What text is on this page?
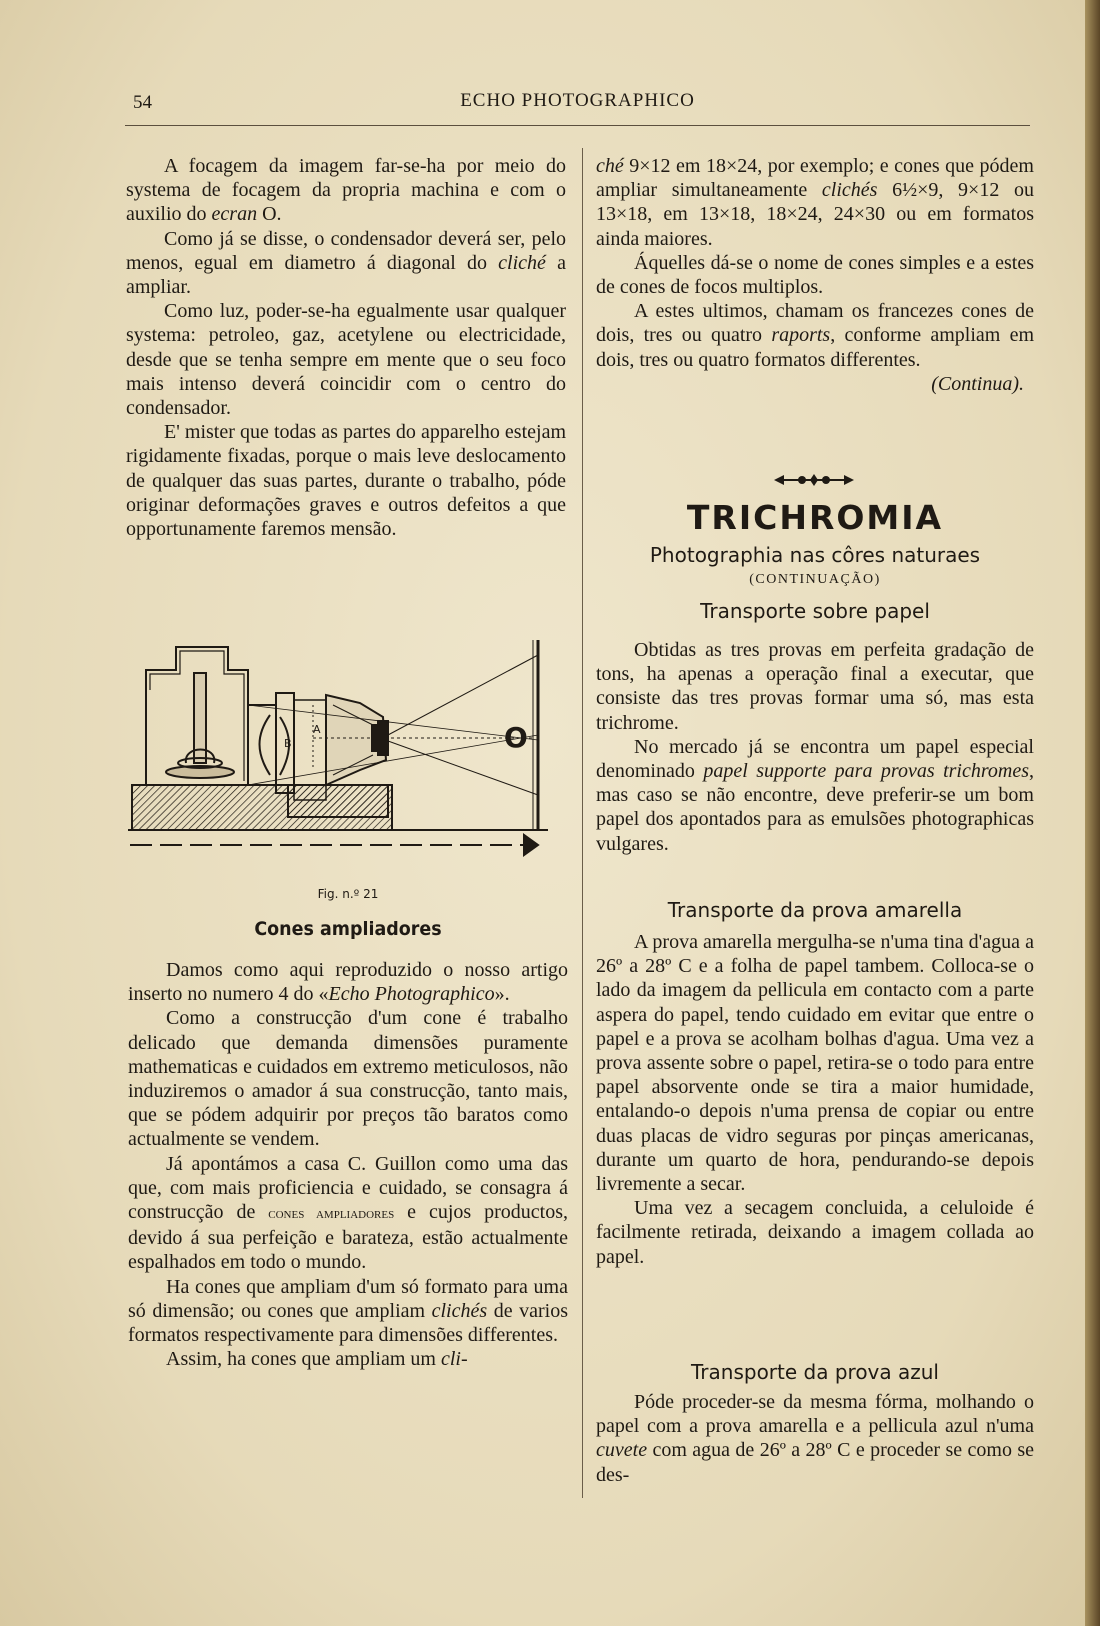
54	ECHO PHOTOGRAPHICO

A focagem da imagem far-se-ha por meio do systema de focagem da propria machina e com o auxilio do ecran O.

Como já se disse, o condensador deverá ser, pelo menos, egual em diametro á diagonal do cliché a ampliar.

Como luz, poder-se-ha egualmente usar qualquer systema: petroleo, gaz, acetylene ou electricidade, desde que se tenha sempre em mente que o seu foco mais intenso deverá coincidir com o centro do condensador.

E' mister que todas as partes do apparelho estejam rigidamente fixadas, porque o mais leve deslocamento de qualquer das suas partes, durante o trabalho, póde originar deformações graves e outros defeitos a que opportunamente faremos mensão.

A
B	O
Fig. n.º 21
Cones ampliadores

Damos como aqui reproduzido o nosso artigo inserto no numero 4 do «Echo Photographico».

Como a construcção d'um cone é trabalho delicado que demanda dimensões puramente mathematicas e cuidados em extremo meticulosos, não induziremos o amador á sua construcção, tanto mais, que se pódem adquirir por preços tão baratos como actualmente se vendem.

Já apontámos a casa C. Guillon como uma das que, com mais proficiencia e cuidado, se consagra á construcção de cones ampliadores e cujos productos, devido á sua perfeição e barateza, estão actualmente espalhados em todo o mundo.

Ha cones que ampliam d'um só formato para uma só dimensão; ou cones que ampliam clichés de varios formatos respectivamente para dimensões differentes.

Assim, ha cones que ampliam um cli-

ché 9×12 em 18×24, por exemplo; e cones que pódem ampliar simultaneamente clichés 6½×9, 9×12 ou 13×18, em 13×18, 18×24, 24×30 ou em formatos ainda maiores.

Áquelles dá-se o nome de cones simples e a estes de cones de focos multiplos.

A estes ultimos, chamam os francezes cones de dois, tres ou quatro raports, conforme ampliam em dois, tres ou quatro formatos differentes.

(Continua).
TRICHROMIA
Photographia nas côres naturaes
(CONTINUAÇÃO)
Transporte sobre papel

Obtidas as tres provas em perfeita gradação de tons, ha apenas a operação final a executar, que consiste das tres provas formar uma só, mas esta trichrome.

No mercado já se encontra um papel especial denominado papel supporte para provas trichromes, mas caso se não encontre, deve preferir-se um bom papel dos apontados para as emulsões photographicas vulgares.

Transporte da prova amarella

A prova amarella mergulha-se n'uma tina d'agua a 26º a 28º C e a folha de papel tambem. Colloca-se o lado da imagem da pellicula em contacto com a parte aspera do papel, tendo cuidado em evitar que entre o papel e a prova se acolham bolhas d'agua. Uma vez a prova assente sobre o papel, retira-se o todo para entre papel absorvente onde se tira a maior humidade, entalando-o depois n'uma prensa de copiar ou entre duas placas de vidro seguras por pinças americanas, durante um quarto de hora, pendurando-se depois livremente a secar.

Uma vez a secagem concluida, a celuloide é facilmente retirada, deixando a imagem collada ao papel.

Transporte da prova azul

Póde proceder-se da mesma fórma, molhando o papel com a prova amarella e a pellicula azul n'uma cuvete com agua de 26º a 28º C e proceder se como se des-
